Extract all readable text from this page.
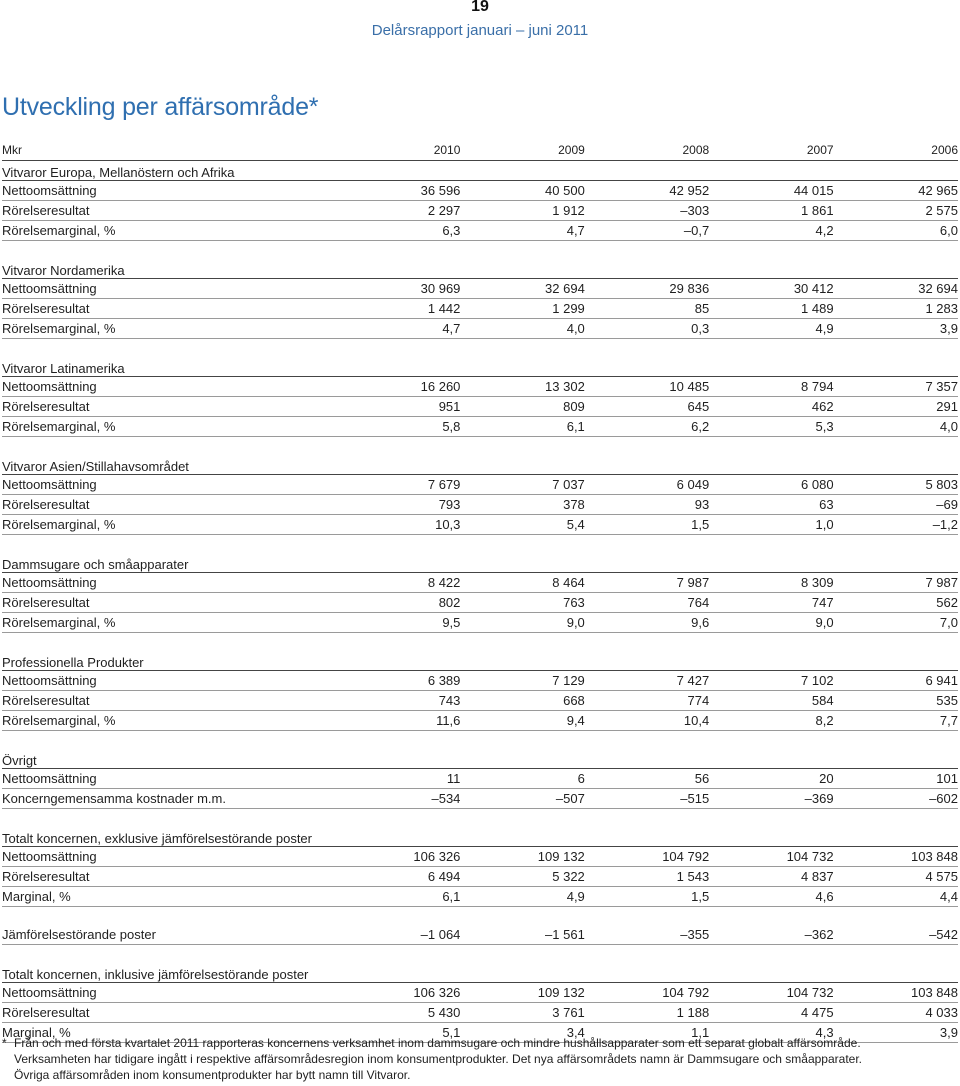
19
Delårsrapport januari – juni 2011
Utveckling per affärsområde*
Mkr	2010	2009	2008	2007	2006
Vitvaror Europa, Mellanöstern och Afrika					
Nettoomsättning	36 596	40 500	42 952	44 015	42 965
Rörelseresultat	2 297	1 912	–303	1 861	2 575
Rörelsemarginal, %	6,3	4,7	–0,7	4,2	6,0

Vitvaror Nordamerika					
Nettoomsättning	30 969	32 694	29 836	30 412	32 694
Rörelseresultat	1 442	1 299	85	1 489	1 283
Rörelsemarginal, %	4,7	4,0	0,3	4,9	3,9

Vitvaror Latinamerika					
Nettoomsättning	16 260	13 302	10 485	8 794	7 357
Rörelseresultat	951	809	645	462	291
Rörelsemarginal, %	5,8	6,1	6,2	5,3	4,0

Vitvaror Asien/Stillahavsområdet					
Nettoomsättning	7 679	7 037	6 049	6 080	5 803
Rörelseresultat	793	378	93	63	–69
Rörelsemarginal, %	10,3	5,4	1,5	1,0	–1,2

Dammsugare och småapparater					
Nettoomsättning	8 422	8 464	7 987	8 309	7 987
Rörelseresultat	802	763	764	747	562
Rörelsemarginal, %	9,5	9,0	9,6	9,0	7,0

Professionella Produkter					
Nettoomsättning	6 389	7 129	7 427	7 102	6 941
Rörelseresultat	743	668	774	584	535
Rörelsemarginal, %	11,6	9,4	10,4	8,2	7,7

Övrigt					
Nettoomsättning	11	6	56	20	101
Koncerngemensamma kostnader m.m.	–534	–507	–515	–369	–602

Totalt koncernen, exklusive jämförelsestörande poster					
Nettoomsättning	106 326	109 132	104 792	104 732	103 848
Rörelseresultat	6 494	5 322	1 543	4 837	4 575
Marginal, %	6,1	4,9	1,5	4,6	4,4

Jämförelsestörande poster	–1 064	–1 561	–355	–362	–542

Totalt koncernen, inklusive jämförelsestörande poster					
Nettoomsättning	106 326	109 132	104 792	104 732	103 848
Rörelseresultat	5 430	3 761	1 188	4 475	4 033
Marginal, %	5,1	3,4	1,1	4,3	3,9

* Från och med första kvartalet 2011 rapporteras koncernens verksamhet inom dammsugare och mindre hushållsapparater som ett separat globalt affärsområde.

Verksamheten har tidigare ingått i respektive affärsområdesregion inom konsumentprodukter. Det nya affärsområdets namn är Dammsugare och småapparater.

Övriga affärsområden inom konsumentprodukter har bytt namn till Vitvaror.
